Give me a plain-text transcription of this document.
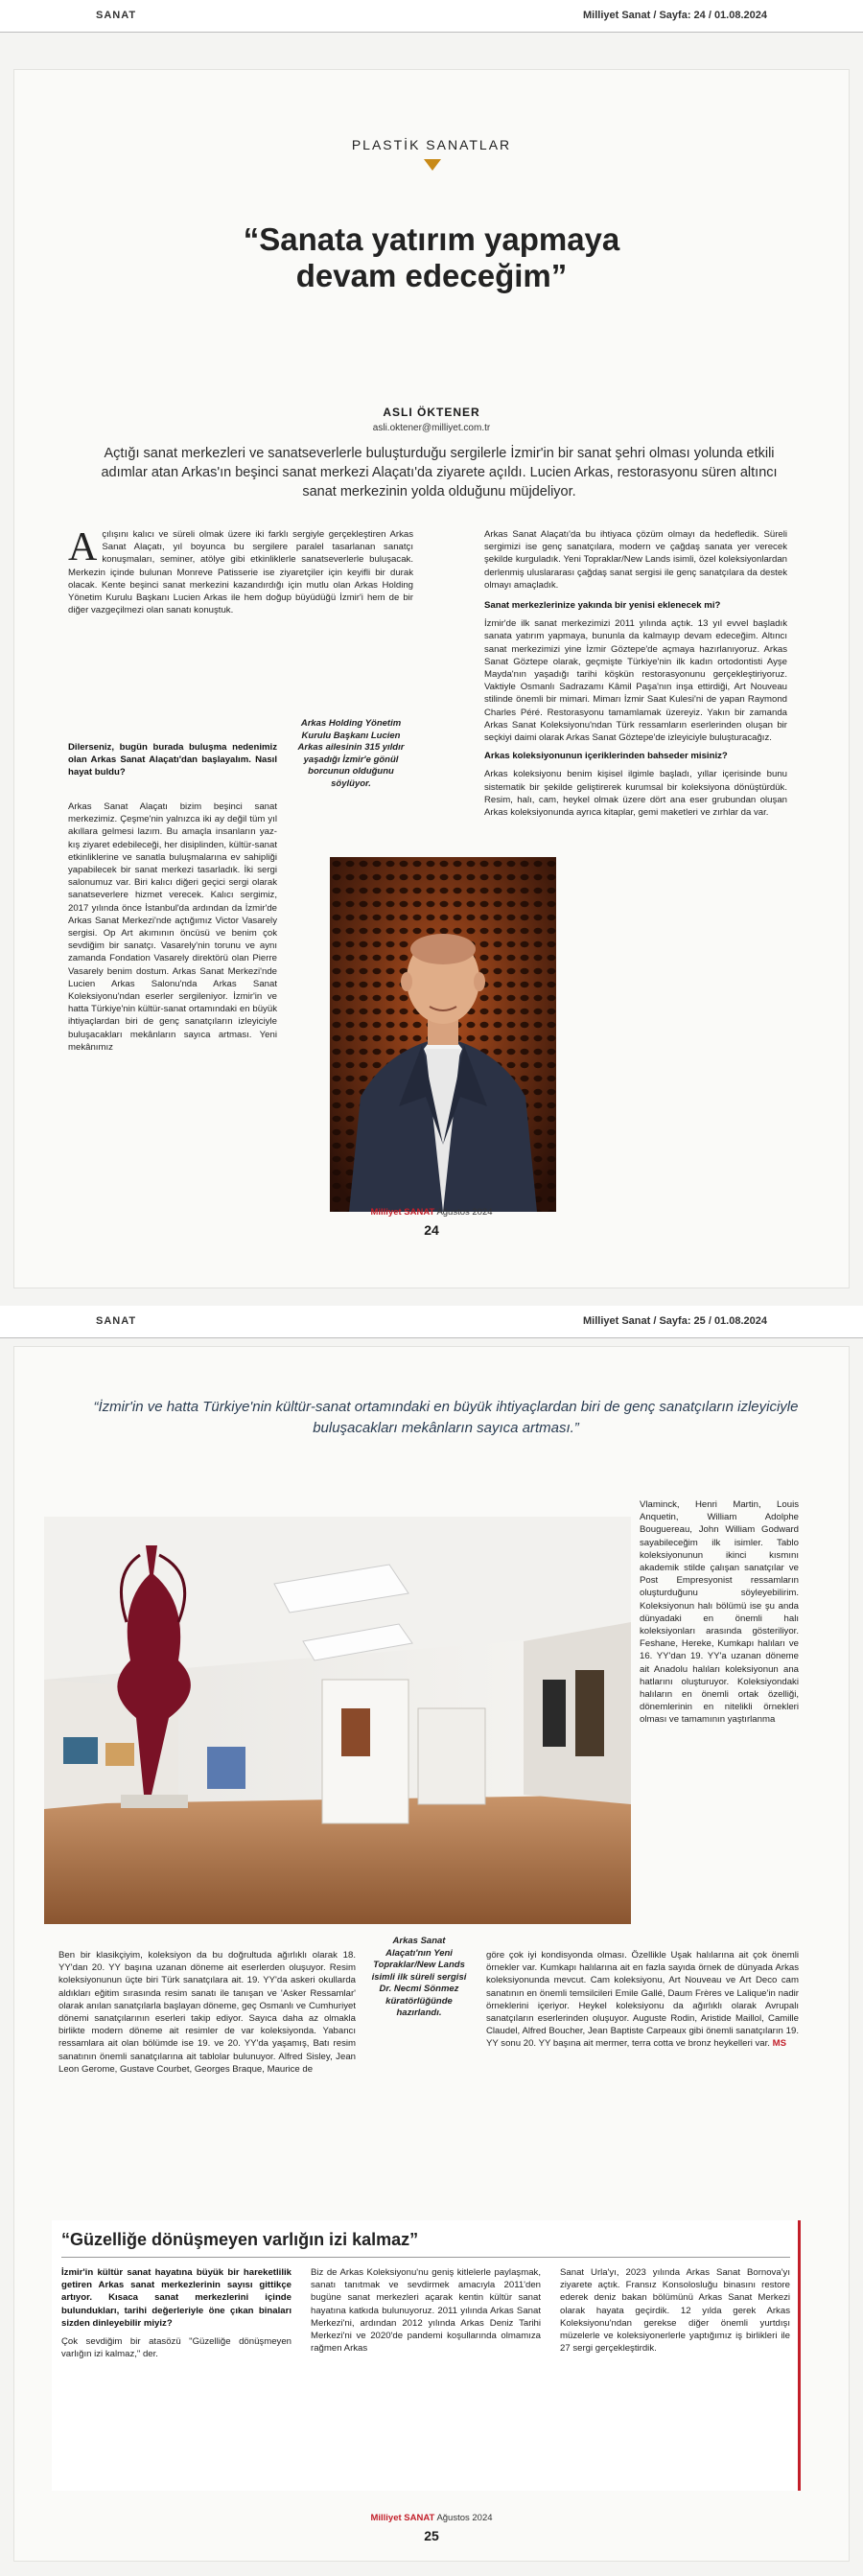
SANAT	Milliyet Sanat / Sayfa: 24 / 01.08.2024
PLASTİK SANATLAR
“Sanata yatırım yapmaya
devam edeceğim”
ASLI ÖKTENER
asli.oktener@milliyet.com.tr
Açtığı sanat merkezleri ve sanatseverlerle buluşturduğu sergilerle İzmir'in bir sanat şehri olması yolunda etkili adımlar atan Arkas'ın beşinci sanat merkezi Alaçatı'da ziyarete açıldı. Lucien Arkas, restorasyonu süren altıncı sanat merkezinin yolda olduğunu müjdeliyor.

Açılışını kalıcı ve süreli olmak üzere iki farklı sergiyle gerçekleştiren Arkas Sanat Alaçatı, yıl boyunca bu sergilere paralel tasarlanan sanatçı konuşmaları, seminer, atölye gibi etkinliklerle sanatseverlerle buluşacak. Merkezin içinde bulunan Monreve Patisserie ise ziyaretçiler için keyifli bir durak olacak. Kente beşinci sanat merkezini kazandırdığı için mutlu olan Arkas Holding Yönetim Kurulu Başkanı Lucien Arkas ile hem doğup büyüdüğü İzmir'i hem de bir diğer vazgeçilmezi olan sanatı konuştuk.

Dilerseniz, bugün burada buluşma nedenimiz olan Arkas Sanat Alaçatı'dan başlayalım. Nasıl hayat buldu?

Arkas Sanat Alaçatı bizim beşinci sanat merkezimiz. Çeşme'nin yalnızca iki ay değil tüm yıl akıllara gelmesi lazım. Bu amaçla insanların yaz-kış ziyaret edebileceği, her disiplinden, kültür-sanat etkinliklerine ve sanatla buluşmalarına ev sahipliği yapabilecek bir sanat merkezi tasarladık. İki sergi salonumuz var. Biri kalıcı diğeri geçici sergi olarak sanatseverlere hizmet verecek. Kalıcı sergimiz, 2017 yılında önce İstanbul'da ardından da İzmir'de Arkas Sanat Merkezi'nde açtığımız Victor Vasarely sergisi. Op Art akımının öncüsü ve benim çok sevdiğim bir sanatçı. Vasarely'nin torunu ve aynı zamanda Fondation Vasarely direktörü olan Pierre Vasarely benim dostum. Arkas Sanat Merkezi'nde Lucien Arkas Salonu'nda Arkas Sanat Koleksiyonu'ndan eserler sergileniyor. İzmir'in ve hatta Türkiye'nin kültür-sanat ortamındaki en büyük ihtiyaçlardan biri de genç sanatçıların izleyiciyle buluşacakları mekânların sayıca artması. Yeni mekânımız

Arkas Holding Yönetim Kurulu Başkanı Lucien Arkas ailesinin 315 yıldır yaşadığı İzmir'e gönül borcunun olduğunu söylüyor.

Arkas Sanat Alaçatı'da bu ihtiyaca çözüm olmayı da hedefledik. Süreli sergimizi ise genç sanatçılara, modern ve çağdaş sanata yer verecek şekilde kurguladık. Yeni Topraklar/New Lands isimli, özel koleksiyonlardan derlenmiş uluslararası çağdaş sanat sergisi ile genç sanatçılara da destek olmayı amaçladık.

Sanat merkezlerinize yakında bir yenisi eklenecek mi?

İzmir'de ilk sanat merkezimizi 2011 yılında açtık. 13 yıl evvel başladık sanata yatırım yapmaya, bununla da kalmayıp devam edeceğim. Altıncı sanat merkezimizi yine İzmir Göztepe'de açmaya hazırlanıyoruz. Arkas Sanat Göztepe olarak, geçmişte Türkiye'nin ilk kadın ortodontisti Ayşe Mayda'nın yaşadığı tarihi köşkün restorasyonunu gerçekleştiriyoruz. Vaktiyle Osmanlı Sadrazamı Kâmil Paşa'nın inşa ettirdiği, Art Nouveau stilinde önemli bir mimari. Mimarı İzmir Saat Kulesi'ni de yapan Raymond Charles Péré. Restorasyonu tamamlamak üzereyiz. Yakın bir zamanda Arkas Sanat Koleksiyonu'ndan Türk ressamların eserlerinden oluşan bir seçkiyi daimi olarak Arkas Sanat Göztepe'de izleyiciyle buluşturacağız.

Arkas koleksiyonunun içeriklerinden bahseder misiniz?

Arkas koleksiyonu benim kişisel ilgimle başladı, yıllar içerisinde bunu sistematik bir şekilde geliştirerek kurumsal bir koleksiyona dönüştürdük. Resim, halı, cam, heykel olmak üzere dört ana eser grubundan oluşan Arkas koleksiyonunda ayrıca kitaplar, gemi maketleri ve zırhlar da var.

Milliyet SANAT Ağustos 2024
24
SANAT	Milliyet Sanat / Sayfa: 25 / 01.08.2024
“İzmir'in ve hatta Türkiye'nin kültür-sanat ortamındaki en büyük ihtiyaçlardan biri de genç sanatçıların izleyiciyle buluşacakları mekânların sayıca artması.”

Vlaminck, Henri Martin, Louis Anquetin, William Adolphe Bouguereau, John William Godward sayabileceğim ilk isimler. Tablo koleksiyonunun ikinci kısmını akademik stilde çalışan sanatçılar ve Post Empresyonist ressamların oluşturduğunu söyleyebilirim. Koleksiyonun halı bölümü ise şu anda dünyadaki en önemli halı koleksiyonları arasında gösteriliyor. Feshane, Hereke, Kumkapı halıları ve 16. YY'dan 19. YY'a uzanan döneme ait Anadolu halıları koleksiyonun ana hatlarını oluşturuyor. Koleksiyondaki halıların en önemli ortak özelliği, dönemlerinin en nitelikli örnekleri olması ve tamamının yaştırlanma

Ben bir klasikçiyim, koleksiyon da bu doğrultuda ağırlıklı olarak 18. YY'dan 20. YY başına uzanan döneme ait eserlerden oluşuyor. Resim koleksiyonunun üçte biri Türk sanatçılara ait. 19. YY'da askeri okullarda aldıkları eğitim sırasında resim sanatı ile tanışan ve 'Asker Ressamlar' olarak anılan sanatçılarla başlayan döneme, geç Osmanlı ve Cumhuriyet dönemi sanatçılarının eserleri takip ediyor. Sayıca daha az olmakla birlikte modern döneme ait resimler de var koleksiyonda. Yabancı ressamlara ait olan bölümde ise 19. ve 20. YY'da yaşamış, Batı resim sanatının önemli sanatçılarına ait tablolar bulunuyor. Alfred Sisley, Jean Leon Gerome, Gustave Courbet, Georges Braque, Maurice de

Arkas Sanat Alaçatı'nın Yeni Topraklar/New Lands isimli ilk süreli sergisi Dr. Necmi Sönmez küratörlüğünde hazırlandı.

göre çok iyi kondisyonda olması. Özellikle Uşak halılarına ait çok önemli örnekler var. Kumkapı halılarına ait en fazla sayıda örnek de dünyada Arkas koleksiyonunda mevcut. Cam koleksiyonu, Art Nouveau ve Art Deco cam sanatının en önemli temsilcileri Emile Gallé, Daum Frères ve Lalique'in nadir örneklerini içeriyor. Heykel koleksiyonu da ağırlıklı olarak Avrupalı sanatçıların eserlerinden oluşuyor. Auguste Rodin, Aristide Maillol, Camille Claudel, Alfred Boucher, Jean Baptiste Carpeaux gibi önemli sanatçıların 19. YY sonu 20. YY başına ait mermer, terra cotta ve bronz heykelleri var. MS

Milliyet SANAT Ağustos 2024
25
“Güzelliğe dönüşmeyen varlığın izi kalmaz”

İzmir'in kültür sanat hayatına büyük bir hareketlilik getiren Arkas sanat merkezlerinin sayısı gittikçe artıyor. Kısaca sanat merkezlerini içinde bulundukları, tarihi değerleriyle öne çıkan binaları sizden dinleyebilir miyiz?

Çok sevdiğim bir atasözü "Güzelliğe dönüşmeyen varlığın izi kalmaz," der.

Biz de Arkas Koleksiyonu'nu geniş kitlelerle paylaşmak, sanatı tanıtmak ve sevdirmek amacıyla 2011'den bugüne sanat merkezleri açarak kentin kültür sanat hayatına katkıda bulunuyoruz. 2011 yılında Arkas Sanat Merkezi'ni, ardından 2012 yılında Arkas Deniz Tarihi Merkezi'ni ve 2020'de pandemi koşullarında olmamıza rağmen Arkas

Sanat Urla'yı, 2023 yılında Arkas Sanat Bornova'yı ziyarete açtık. Fransız Konsolosluğu binasını restore ederek deniz bakan bölümünü Arkas Sanat Merkezi olarak hayata geçirdik. 12 yılda gerek Arkas Koleksiyonu'ndan gerekse diğer önemli yurtdışı müzelerle ve koleksiyonerlerle yaptığımız iş birlikleri ile 27 sergi gerçekleştirdik.
